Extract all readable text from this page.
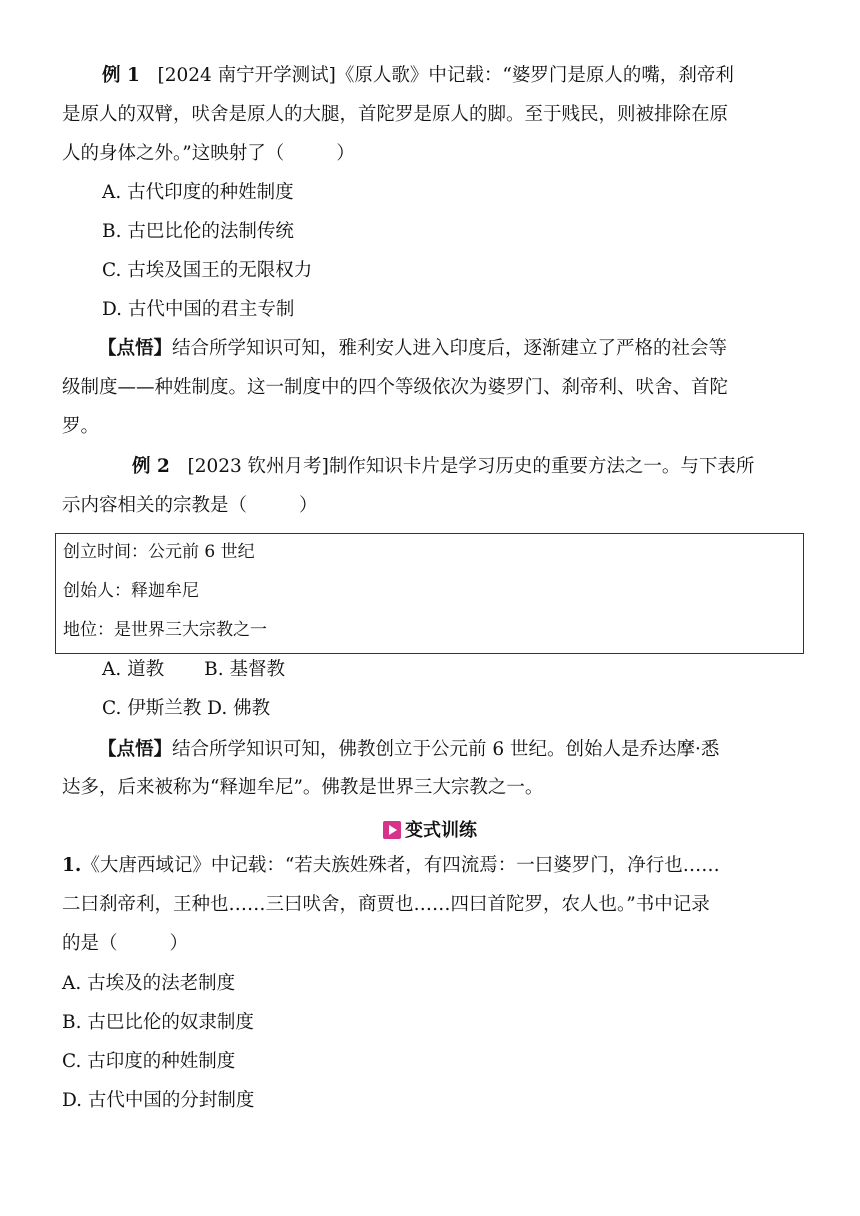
例 1 [2024 南宁开学测试]《原人歌》中记载：“婆罗门是原人的嘴，刹帝利
是原人的双臂，吠舍是原人的大腿，首陀罗是原人的脚。至于贱民，则被排除在原
人的身体之外。”这映射了（	）
A. 古代印度的种姓制度
B. 古巴比伦的法制传统
C. 古埃及国王的无限权力
D. 古代中国的君主专制
【点悟】结合所学知识可知，雅利安人进入印度后，逐渐建立了严格的社会等
级制度——种姓制度。这一制度中的四个等级依次为婆罗门、刹帝利、吠舍、首陀
罗。
例 2 [2023 钦州月考]制作知识卡片是学习历史的重要方法之一。与下表所
示内容相关的宗教是（	）
创立时间：公元前 6 世纪
创始人：释迦牟尼
地位：是世界三大宗教之一
A. 道教 B. 基督教
C. 伊斯兰教 D. 佛教
【点悟】结合所学知识可知，佛教创立于公元前 6 世纪。创始人是乔达摩·悉
达多，后来被称为“释迦牟尼”。佛教是世界三大宗教之一。
变式训练
1.《大唐西域记》中记载：“若夫族姓殊者，有四流焉：一曰婆罗门，净行也……
二曰刹帝利，王种也……三曰吠舍，商贾也……四曰首陀罗，农人也。”书中记录
的是（	）
A. 古埃及的法老制度
B. 古巴比伦的奴隶制度
C. 古印度的种姓制度
D. 古代中国的分封制度
